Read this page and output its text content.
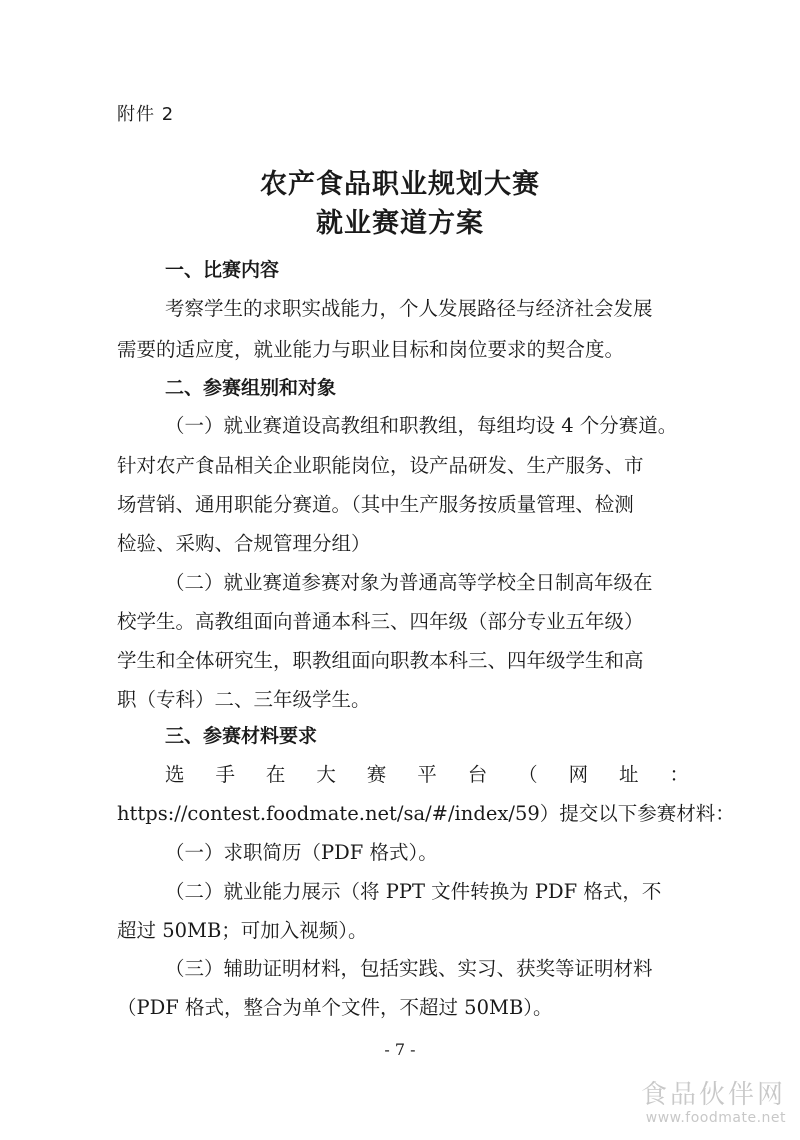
附件 2
农产食品职业规划大赛
就业赛道方案
一、比赛内容
考察学生的求职实战能力，个人发展路径与经济社会发展
需要的适应度，就业能力与职业目标和岗位要求的契合度。
二、参赛组别和对象
（一）就业赛道设高教组和职教组，每组均设 4 个分赛道。
针对农产食品相关企业职能岗位，设产品研发、生产服务、市
场营销、通用职能分赛道。（其中生产服务按质量管理、检测
检验、采购、合规管理分组）
（二）就业赛道参赛对象为普通高等学校全日制高年级在
校学生。高教组面向普通本科三、四年级（部分专业五年级）
学生和全体研究生，职教组面向职教本科三、四年级学生和高
职（专科）二、三年级学生。
三、参赛材料要求
选 手 在 大 赛 平 台 （ 网 址 ：
https://contest.foodmate.net/sa/#/index/59）提交以下参赛材料：
（一）求职简历（PDF 格式）。
（二）就业能力展示（将 PPT 文件转换为 PDF 格式，不
超过 50MB；可加入视频）。
（三）辅助证明材料，包括实践、实习、获奖等证明材料
（PDF 格式，整合为单个文件，不超过 50MB）。
- 7 -
食品伙伴网
www.foodmate.net
